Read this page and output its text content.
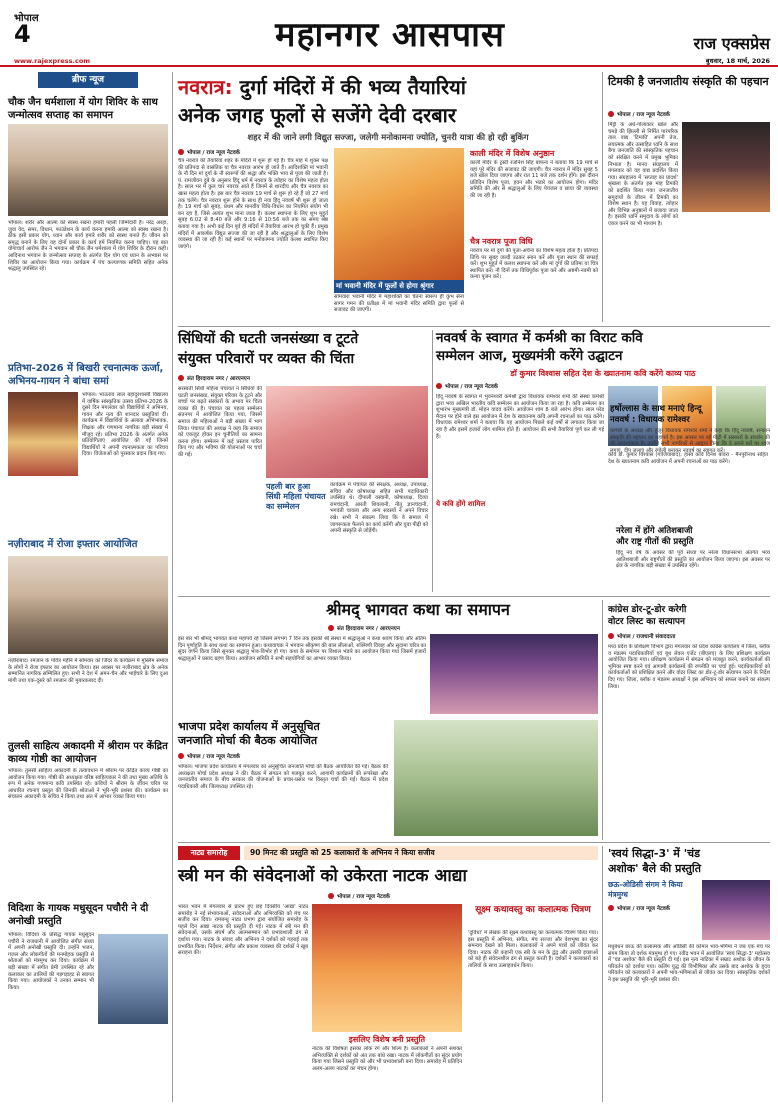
भोपाल
4	महानगर आसपास	राज एक्सप्रेस
www.rajexpress.com	बुधवार, 18 मार्च, 2026
ब्रीफ न्यूज
चौक जैन धर्मशाला में योग शिविर के साथ जन्मोत्सव सप्ताह का समापन
भोपाल। शरीर और आत्मा को स्वस्थ रखना हमारी पहली जिम्मेदारी है। नरेंद्र अरहा, जुवा वेद, समर, विधान, फाउंडेशन के कार्य करना हमारी आत्मा को स्वस्थ रखना है। ठीक इसी प्रकार योग, ध्यान और कार्य हमारे शरीर को स्वस्थ बनाते हैं। जीवन को समृद्ध बनाने के लिए यह दोनों प्रकार के कार्य हमें नियमित करना चाहिए। यह बात योगाचार्य आरोफ जैन ने भगवान श्री चौक जैन धर्मशाला में योग शिविर के दौरान कही। आदिनाथ भगवान के जन्मोत्सव सप्ताह के अंतर्गत दिन योग एवं ध्यान के अभ्यास पर शिविर का आयोजन किया गया। कार्यक्रम में पंच कल्याणक समिति सहित अनेक श्रद्धालु उपस्थित रहे।
प्रतिभा-2026 में बिखरी रचनात्मक ऊर्जा, अभिनय-गायन ने बांधा समां
भोपाल। भाऊराव लाल बहादुरशास्त्री विद्यालय में वार्षिक सांस्कृतिक उत्सव प्रतिभा-2026 के दूसरे दिन मंगलवार को विद्यार्थियों ने अभिनय, गायन और नृत्य की शानदार प्रस्तुतियां दीं। कार्यक्रम में विद्यार्थियों के अलावा अभिभावक, शिक्षक और गणमान्य नागरिक बड़ी संख्या में मौजूद रहे। प्रतिभा 2026 के अंतर्गत अनेक प्रतियोगिताएं आयोजित की गईं जिनमें विद्यार्थियों ने अपनी रचनात्मकता का परिचय दिया। विजेताओं को पुरस्कार प्रदान किए गए।
नज़ीराबाद में रोजा इफ्तार आयोजित
नज़ीराबाद। रमजान के पवित्र महीने में सोमवार को जिंदर के कार्यक्रम में मुस्लिम समाज के लोगों ने रोजा इफ्तार का आयोजन किया। इस अवसर पर नज़ीराबाद क्षेत्र के अनेक सम्मानित नागरिक सम्मिलित हुए। सभी ने देश में अमन-चैन और भाईचारे के लिए दुआ मांगी तथा एक-दूसरे को रमजान की मुबारकबाद दी।
तुलसी साहित्य अकादमी में श्रीराम पर केंद्रित काव्य गोष्ठी का आयोजन
भोपाल। तुलसी साहित्य अकादमी के तत्वावधान में श्रीराम पर केंद्रित काव्य गोष्ठी का आयोजन किया गया। गोष्ठी की अध्यक्षता वरिष्ठ साहित्यकार ने की तथा मुख्य अतिथि के रूप में अनेक गणमान्य कवि उपस्थित रहे। कवियों ने श्रीराम के जीवन चरित्र पर आधारित रचनाएं प्रस्तुत कीं जिनकी श्रोताओं ने भूरि-भूरि प्रशंसा की। कार्यक्रम का संचालन अकादमी के सचिव ने किया तथा अंत में आभार व्यक्त किया गया।
विदिशा के गायक मधुसूदन पचौरी ने दी अनोखी प्रस्तुति
भोपाल। विदिशा के प्रसिद्ध गायक मधुसूदन पचौरी ने राजधानी में आयोजित संगीत संध्या में अपनी अनोखी प्रस्तुति दी। उन्होंने भजन, गजल और लोकगीतों की मनमोहक प्रस्तुति से श्रोताओं को मंत्रमुग्ध कर दिया। कार्यक्रम में बड़ी संख्या में संगीत प्रेमी उपस्थित रहे और कलाकार का तालियों की गड़गड़ाहट से स्वागत किया गया। आयोजकों ने उनका सम्मान भी किया।
नवरात्र: दुर्गा मंदिरों में की भव्य तैयारियां
अनेक जगह फूलों से सजेंगे देवी दरबार
शहर में की जाने लगी विद्युत सज्जा, जलेगी मनोकामना ज्योति, चुनरी यात्रा की हो रही बुकिंग
भोपाल / राज न्यूज नेटवर्क
चैत्र नवरात्र की तैयारियां शहर के मंदिरों में शुरू हो गई हैं। चैत्र माह में शुक्ल पक्ष की प्रतिपदा से वासंतिक या चैत्र नवरात्र आरंभ हो जाते हैं। आदिशक्ति मां भवानी के नौ दिन मां दुर्गा के नौ स्वरूपों की श्रद्धा और भक्ति भाव से पूजा की जाती है। पं. रामजीवन दुबे के अनुसार हिंदू धर्म में नवरात्र के त्योहार का विशेष महत्व होता है। साल भर में कुल चार नवरात्र आते हैं जिनमें से शारदीय और चैत्र नवरात्र का खास महत्व होता है। इस बार चैत्र नवरात्र 19 मार्च से शुरू हो रहे हैं जो 27 मार्च तक चलेंगे। चैत्र नवरात्र शुरू होने के साथ ही नया हिंदू नववर्ष भी शुरू हो जाता है। 19 मार्च को सुबह, प्रथम और मानवीय विधि-विधान का नियमित संयोग भी बन रहा है, जिसे अत्यंत शुभ माना जाता है। कलश स्थापना के लिए शुभ मुहूर्त सुबह 6:02 से 8:40 बजे और 9:16 से 10:56 बजे तक का समय श्रेष्ठ बताया गया है। अभी कई दिन पूर्व ही मंदिरों में तैयारियां आरंभ हो चुकी हैं। प्रमुख मंदिरों में आकर्षक विद्युत सज्जा की जा रही है और श्रद्धालुओं के लिए विशेष व्यवस्था की जा रही है। कई स्थानों पर मनोकामना ज्योति कलश स्थापित किए जाएंगे।
मां भवानी मंदिर में फूलों से होगा श्रृंगार
सोमवारा भवानी मंदिर में महाशक्ति का चेतना स्वरूप ही कुंभ सेना सागर गमन की प्रतीक्षा में मां भवानी मंदिर समिति द्वारा फूलों से सजावट की जाएगी।
काली मंदिर में विशेष अनुष्ठान
काली मंदिर के ट्रस्टी रजनिश सिंह बाफना ने बताया कि 19 मार्च से यहां पूरे मंदिर की सजावट की जाएगी। चैत्र नवरात्र में मंदिर सुबह 5 बजे खोल दिया जाएगा और रात 11 बजे तक दर्शन होंगे। इस दौरान प्रतिदिन विशेष पूजा, हवन और भंडारे का आयोजन होगा। मंदिर समिति की ओर से श्रद्धालुओं के लिए पेयजल व छाया की व्यवस्था की जा रही है।
चैत्र नवरात्र पूजा विधि
नवरात्र पर मां दुर्गा की पूजा-अर्चना का विशेष महत्व होता है। प्रतिपदा तिथि पर सुबह जल्दी उठकर स्नान करें और पूजा स्थान की सफाई करें। शुभ मुहूर्त में कलश स्थापना करें और मां दुर्गा की प्रतिमा या चित्र स्थापित करें। नौ दिनों तक विधिपूर्वक पूजा करें और अष्टमी-नवमी को कन्या पूजन करें।
टिमकी है जनजातीय संस्कृति की पहचान
भोपाल / राज न्यूज नेटवर्क
मिट्टी के अर्ध-गोलाकार खोल और चमड़े की झिल्ली से निर्मित पारंपरिक ताल वाद्य 'टिमकी' अपनी तेज, लयात्मक और उत्साहित ध्वनि के साथ बैगा जनजाति की सांस्कृतिक पहचान को संरक्षित करने में प्रमुख भूमिका निभाता है। मानव संग्रहालय में मंगलवार को यह वाद्य प्रदर्शित किया गया। संग्रहालय में 'सप्ताह का प्रादर्श' श्रृंखला के अंतर्गत इस माह टिमकी को प्रदर्शित किया गया। जनजातीय समुदायों के जीवन में टिमकी का विशेष स्थान है। यह विवाह, त्योहार और विभिन्न अनुष्ठानों में बजाया जाता है। इसकी ध्वनि समुदाय के लोगों को एकत्र करने का भी माध्यम है।
सिंधियों की घटती जनसंख्या व टूटते
संयुक्त परिवारों पर व्यक्त की चिंता
संत हिरदाराम नगर / आरएनएन
सरस्वती सिंधी महिला पंचायत ने सिंधियों की घटती जनसंख्या, संयुक्त परिवार के टूटने और बच्चों पर बढ़ते संस्कारों के अभाव पर चिंता व्यक्त की है। पंचायत का पहला सम्मेलन संतनगर में आयोजित किया गया, जिसमें समाज की महिलाओं ने बड़ी संख्या में भाग लिया। पंचायत की अध्यक्ष ने कहा कि समाज को एकजुट होकर इन चुनौतियों का सामना करना होगा। सम्मेलन में कई प्रस्ताव पारित किए गए और भविष्य की योजनाओं पर चर्चा की गई।
पहली बार हुआ सिंधी महिला पंचायत का सम्मेलन
कार्यक्रम में पंचायत की संरक्षक, अध्यक्ष, उपाध्यक्ष, सचिव और कोषाध्यक्ष सहित सभी पदाधिकारी उपस्थित थे। दीपाली वस्वानी, कोषाध्यक्ष, दिव्या रामचंदानी, आरती शिवलानी, नीतू ज्ञानचंदानी, भगवंती चावला और अन्य सदस्यों ने अपने विचार रखे। सभी ने संकल्प लिया कि वे समाज में जागरूकता फैलाने का कार्य करेंगी और युवा पीढ़ी को अपनी संस्कृति से जोड़ेंगी।
नववर्ष के स्वागत में कर्मश्री का विराट कवि
सम्मेलन आज, मुख्यमंत्री करेंगे उद्घाटन
डॉ कुमार विश्वास सहित देश के ख्यातनाम कवि करेंगे काव्य पाठ
भोपाल / राज न्यूज नेटवर्क
हिंदू नववर्ष के स्वागत में भुवनेश्वरी कर्मश्री द्वारा विधायक रामेश्वर शर्मा की संस्था कर्मश्री द्वारा भव्य अखिल भारतीय कवि सम्मेलन का आयोजन किया जा रहा है। कवि सम्मेलन का शुभारंभ मुख्यमंत्री डॉ. मोहन यादव करेंगे। आयोजन शाम 8 बजे आरंभ होगा। लाल परेड मैदान पर होने वाले इस आयोजन में देश के ख्यातनाम कवि अपनी रचनाओं का पाठ करेंगे। विधायक रामेश्वर शर्मा ने बताया कि यह आयोजन पिछले कई वर्षों से लगातार किया जा रहा है और इसमें हजारों लोग शामिल होते हैं। आयोजन की सभी तैयारियां पूर्ण कर ली गई हैं।
ये कवि होंगे शामिल
कवि डॉ. कुमार विश्वास (गाजियाबाद), हास्य कवि दिनेश बावरा - मैनपुरीनाथ सहित देश के ख्यातनाम कवि आयोजन में अपनी रचनाओं का पाठ करेंगे।
हर्षोल्लास के साथ मनाएं हिन्दू
नववर्ष : विधायक रामेश्वर
कर्मश्री के अध्यक्ष और हुजूर विधायक रामेश्वर शर्मा ने कहा कि हिंदू नववर्ष, सनातन संस्कृति की पहचान का महापर्व है। इस अवसर पर नई पीढ़ी में संस्कारों के संवर्धन की भी आवश्यकता है। उन्होंने सभी नागरिकों से आह्वान किया कि वे अपने घरों पर ध्वज लगाएं, दीप जलाएं और रंगोली बनाकर नववर्ष का स्वागत करें।
नरेला में होंगे अतिशबाजी
और राष्ट्र गीतों की प्रस्तुति
हिंदू नव वर्ष के अवसर की पूर्व संध्या पर नरेला विधानसभा अंतर्गत भव्य आतिशबाजी और राष्ट्रगीतों की प्रस्तुति का आयोजन किया जाएगा। इस अवसर पर क्षेत्र के नागरिक बड़ी संख्या में उपस्थित रहेंगे।
श्रीमद् भागवत कथा का समापन
संत हिरदाराम नगर / आरएनएन
इस बार भी श्रीमद् भागवत कथा महापर्व रहे जिसमें लगभग 7 दिन तक इसकी श्री संस्था में श्रद्धालुओं ने कथा श्रवण किया और अंतिम दिन पूर्णाहुति के साथ कथा का समापन हुआ। कथावाचक ने भगवान श्रीकृष्ण की बाल लीलाओं, रुक्मिणी विवाह और सुदामा चरित्र का सुंदर वर्णन किया जिसे सुनकर श्रद्धालु भाव-विभोर हो गए। कथा के समापन पर विशाल भंडारे का आयोजन किया गया जिसमें हजारों श्रद्धालुओं ने प्रसाद ग्रहण किया। आयोजन समिति ने सभी सहयोगियों का आभार व्यक्त किया।
भाजपा प्रदेश कार्यालय में अनुसूचित
जनजाति मोर्चा की बैठक आयोजित
भोपाल / राज न्यूज नेटवर्क
भोपाल। भाजपा प्रदेश कार्यालय में मंगलवार को अनुसूचित जनजाति मोर्चा की बैठक आयोजित की गई। बैठक की अध्यक्षता मोर्चा प्रदेश अध्यक्ष ने की। बैठक में संगठन को मजबूत करने, आगामी कार्यक्रमों की रूपरेखा और जनजातीय समाज के बीच सरकार की योजनाओं के प्रचार-प्रसार पर विस्तृत चर्चा की गई। बैठक में प्रदेश पदाधिकारी और जिलाध्यक्ष उपस्थित रहे।
कांग्रेस डोर-टू-डोर करेगी
वोटर लिस्ट का सत्यापन
भोपाल / राजधानी संवाददाता
मध्य प्रदेश के प्रशिक्षण विभाग द्वारा मंगलवार को प्रदेश कांग्रेस कार्यालय में जिला, ब्लॉक व मंडलम पदाधिकारियों एवं बूथ लेवल एजेंट (बीएलए) के लिए प्रशिक्षण कार्यक्रम आयोजित किया गया। प्रशिक्षण कार्यक्रम में संगठन को मजबूत करने, कार्यकर्ताओं की भूमिका स्पष्ट करने एवं आगामी कार्यक्रमों की रणनीति पर चर्चा हुई। पदाधिकारियों को कार्यकर्ताओं को प्रशिक्षित करने और वोटर लिस्ट का डोर-टू-डोर सत्यापन करने के निर्देश दिए गए। जिला, ब्लॉक व मंडलम अध्यक्षों ने इस अभियान को सफल बनाने का संकल्प लिया।
नाट्य समारोह	90 मिनट की प्रस्तुति को 25 कलाकारों के अभिनय ने किया सजीव
स्त्री मन की संवेदनाओं को उकेरता नाटक आद्या
भोपाल / राज न्यूज नेटवर्क
भारत भवन में मंगलवार से प्रारंभ हुए छह दिवसीय 'आद्या' नाट्य समारोह ने नई संभावनाओं, सवेदनाओं और अभिव्यक्ति को मंच पर सजीव कर दिया। रामबन्धु नाट्य प्रभाग द्वारा संयोजित समारोह के पहले दिन आद्या नाटक की प्रस्तुति दी गई। नाटक में स्त्री मन की संवेदनाओं, उसके संघर्ष और आत्मसम्मान को प्रभावशाली ढंग से दर्शाया गया। नाटक के संवाद और अभिनय ने दर्शकों को गहराई तक प्रभावित किया। निर्देशन, संगीत और प्रकाश व्यवस्था की दर्शकों ने खूब सराहना की।
इसलिए विशेष बनी प्रस्तुति
नाटक की विशेषता इसका लोक रंग और शिल्प है। कलाकारों ने अपनी सशक्त अभिव्यक्ति से दर्शकों को अंत तक बांधे रखा। नाटक में लोकगीतों का सुंदर प्रयोग किया गया जिसने प्रस्तुति को और भी प्रभावशाली बना दिया। समारोह में प्रतिदिन अलग-अलग नाटकों का मंचन होगा।
सूक्ष्म कथावस्तु का कलात्मक चित्रण
'दुविधा' में लेखक की सूक्ष्म कथावस्तु का कलात्मक चित्रण किया गया। इस प्रस्तुति में अभिनय, संगीत, मंच सज्जा और वेशभूषा का सुंदर समन्वय देखने को मिला। कलाकारों ने अपने पात्रों को जीवंत कर दिया। नाटक की कहानी एक स्त्री के मन के द्वंद्व और उसकी इच्छाओं को बड़े ही संवेदनशील ढंग से प्रस्तुत करती है। दर्शकों ने कलाकारों का तालियों के साथ उत्साहवर्धन किया।
'स्वयं सिद्धा-3' में 'चंड
अशोक' बैले की प्रस्तुति
छऊ-ओडिसी संगम ने किया मंत्रमुग्ध
भोपाल / राज न्यूज नेटवर्क
मधुबंधन छाऊ की कलात्मक और ओडिसी की कोमल भाव-भंगिमा ने जब एक मंच पर संगम किया तो दर्शक मंत्रमुग्ध हो गए। रवींद्र भवन में आयोजित 'स्वयं सिद्धा-3' महोत्सव में 'चंड अशोक' बैले की प्रस्तुति दी गई। इस नृत्य नाटिका में सम्राट अशोक के जीवन के परिवर्तन को दर्शाया गया। कलिंग युद्ध की विभीषिका और उसके बाद अशोक के हृदय परिवर्तन को कलाकारों ने अपनी भाव-भंगिमाओं से जीवंत कर दिया। सांस्कृतिक दर्शकों ने इस प्रस्तुति की भूरि-भूरि प्रशंसा की।
